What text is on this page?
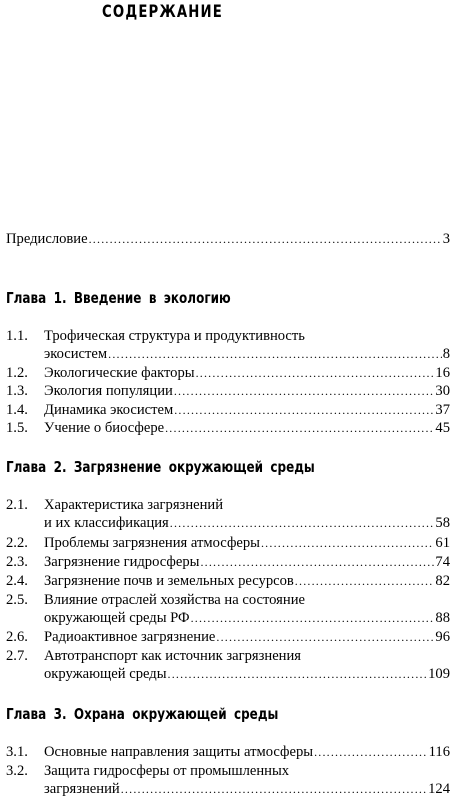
СОДЕРЖАНИЕ
Предисловие .....	3
Глава 1. Введение в экологию
1.1. Трофическая структура и продуктивность
экосистем .....	8
1.2. Экологические факторы .....	16
1.3. Экология популяции .....	30
1.4. Динамика экосистем .....	37
1.5. Учение о биосфере .....	45
Глава 2. Загрязнение окружающей среды
2.1. Характеристика загрязнений
и их классификация .....	58
2.2. Проблемы загрязнения атмосферы .....	61
2.3. Загрязнение гидросферы .....	74
2.4. Загрязнение почв и земельных ресурсов .....	82
2.5. Влияние отраслей хозяйства на состояние
окружающей среды РФ .....	88
2.6. Радиоактивное загрязнение .....	96
2.7. Автотранспорт как источник загрязнения
окружающей среды .....	109
Глава 3. Охрана окружающей среды
3.1. Основные направления защиты атмосферы .....	116
3.2. Защита гидросферы от промышленных
загрязнений .....	124
